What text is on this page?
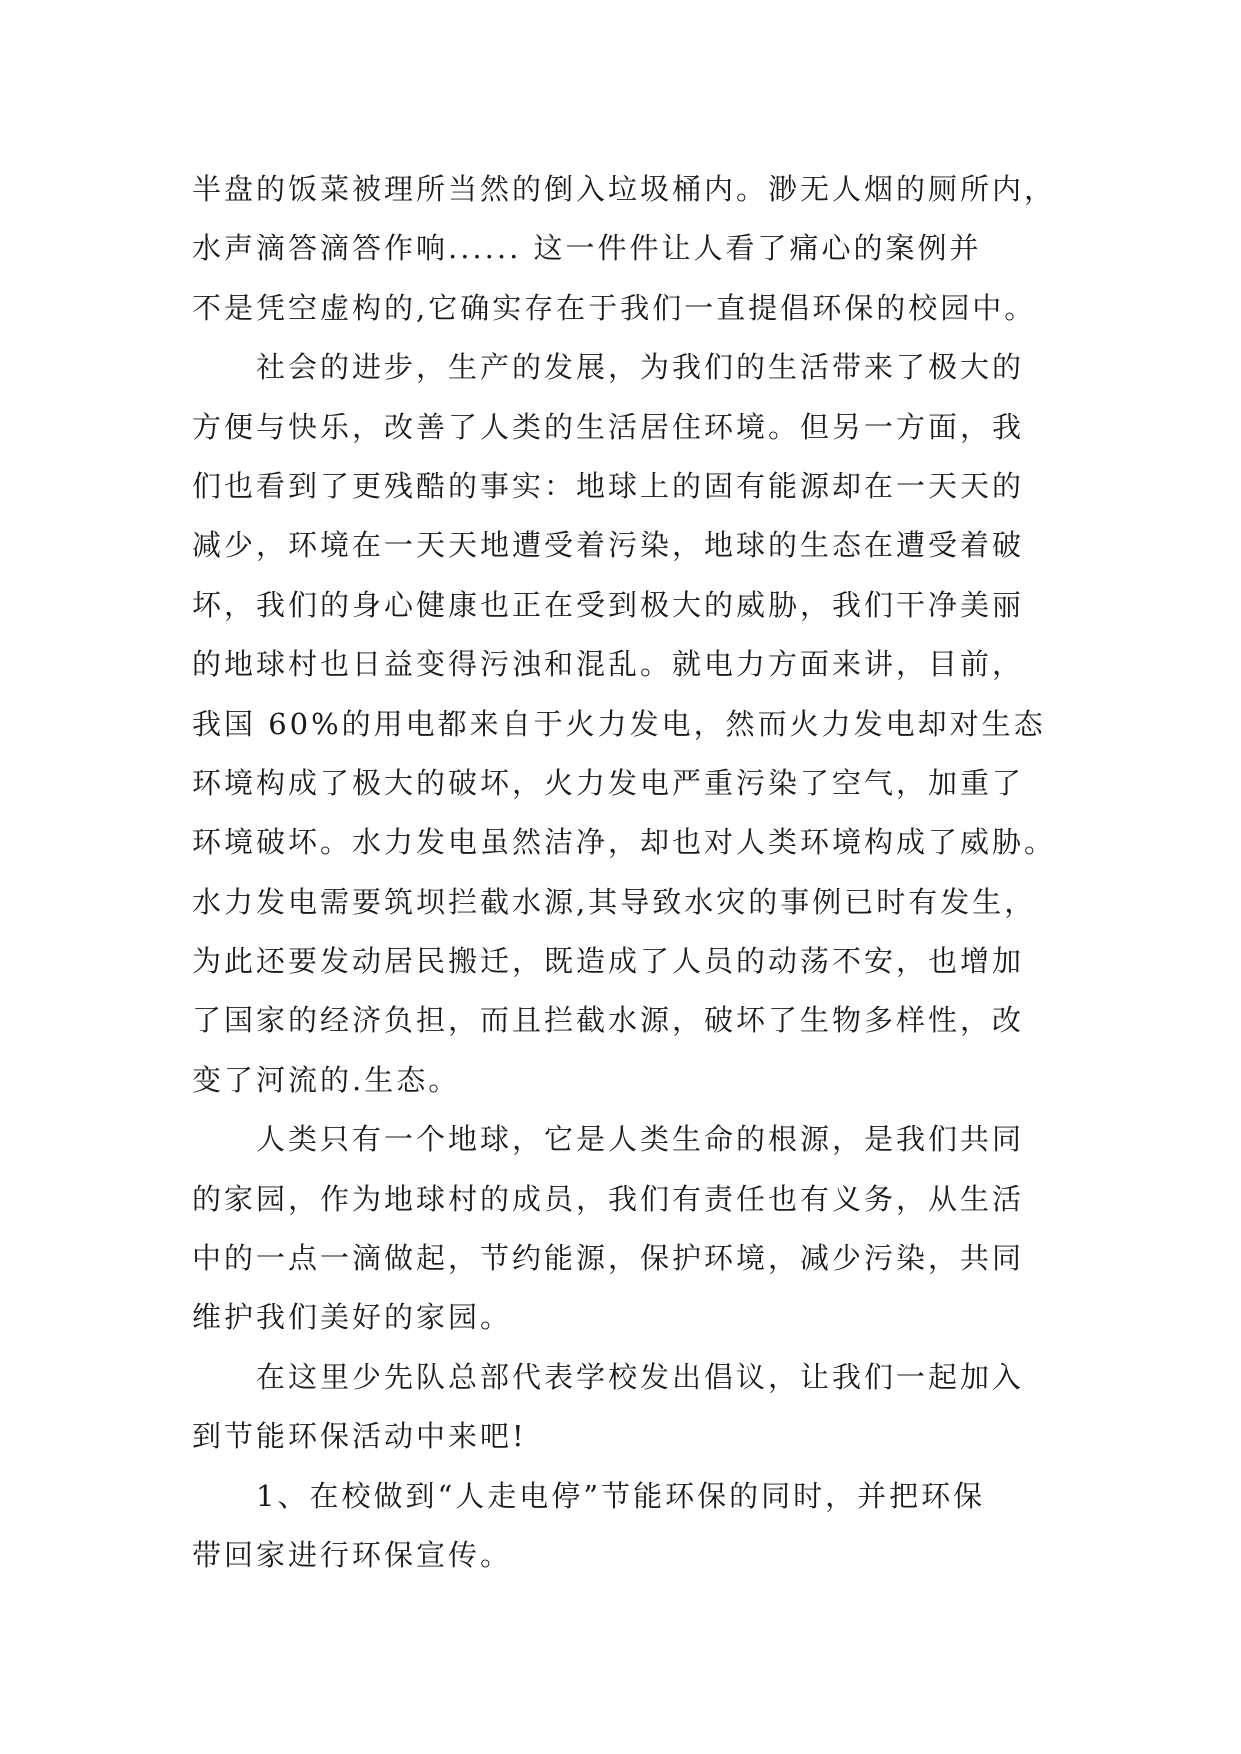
半盘的饭菜被理所当然的倒入垃圾桶内。渺无人烟的厕所内，
水声滴答滴答作响...... 这一件件让人看了痛心的案例并
不是凭空虚构的,它确实存在于我们一直提倡环保的校园中。
社会的进步，生产的发展，为我们的生活带来了极大的
方便与快乐，改善了人类的生活居住环境。但另一方面，我
们也看到了更残酷的事实：地球上的固有能源却在一天天的
减少，环境在一天天地遭受着污染，地球的生态在遭受着破
坏，我们的身心健康也正在受到极大的威胁，我们干净美丽
的地球村也日益变得污浊和混乱。就电力方面来讲，目前，
我国 60%的用电都来自于火力发电，然而火力发电却对生态
环境构成了极大的破坏，火力发电严重污染了空气，加重了
环境破坏。水力发电虽然洁净，却也对人类环境构成了威胁。
水力发电需要筑坝拦截水源,其导致水灾的事例已时有发生，
为此还要发动居民搬迁，既造成了人员的动荡不安，也增加
了国家的经济负担，而且拦截水源，破坏了生物多样性，改
变了河流的.生态。
人类只有一个地球，它是人类生命的根源，是我们共同
的家园，作为地球村的成员，我们有责任也有义务，从生活
中的一点一滴做起，节约能源，保护环境，减少污染，共同
维护我们美好的家园。
在这里少先队总部代表学校发出倡议，让我们一起加入
到节能环保活动中来吧!
1、在校做到“人走电停”节能环保的同时，并把环保
带回家进行环保宣传。
